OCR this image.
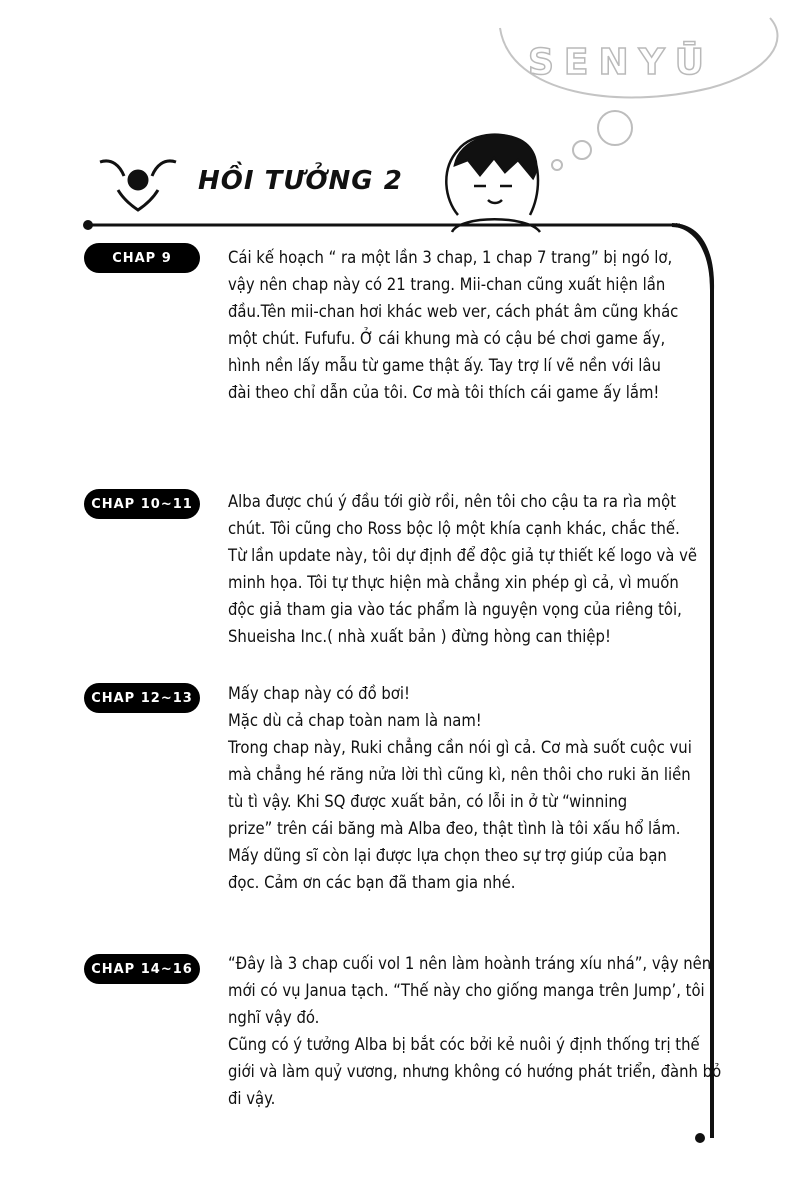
SENYŪ
HỒI TƯỞNG 2
CHAP 9	Cái kế hoạch “ ra một lần 3 chap, 1 chap 7 trang” bị ngó lơ,

vậy nên chap này có 21 trang. Mii-chan cũng xuất hiện lần

đầu.Tên mii-chan hơi khác web ver, cách phát âm cũng khác

một chút. Fufufu. Ở cái khung mà có cậu bé chơi game ấy,

hình nền lấy mẫu từ game thật ấy. Tay trợ lí vẽ nền với lâu

đài theo chỉ dẫn của tôi. Cơ mà tôi thích cái game ấy lắm!

CHAP 10~11	Alba được chú ý đầu tới giờ rồi, nên tôi cho cậu ta ra rìa một

chút. Tôi cũng cho Ross bộc lộ một khía cạnh khác, chắc thế.

Từ lần update này, tôi dự định để độc giả tự thiết kế logo và vẽ

minh họa. Tôi tự thực hiện mà chẳng xin phép gì cả, vì muốn

độc giả tham gia vào tác phẩm là nguyện vọng của riêng tôi,

Shueisha Inc.( nhà xuất bản ) đừng hòng can thiệp!

CHAP 12~13	Mấy chap này có đồ bơi!

Mặc dù cả chap toàn nam là nam!

Trong chap này, Ruki chẳng cần nói gì cả. Cơ mà suốt cuộc vui

mà chẳng hé răng nửa lời thì cũng kì, nên thôi cho ruki ăn liền

tù tì vậy. Khi SQ được xuất bản, có lỗi in ở từ “winning

prize” trên cái băng mà Alba đeo, thật tình là tôi xấu hổ lắm.

Mấy dũng sĩ còn lại được lựa chọn theo sự trợ giúp của bạn

đọc. Cảm ơn các bạn đã tham gia nhé.

CHAP 14~16	“Đây là 3 chap cuối vol 1 nên làm hoành tráng xíu nhá”, vậy nên

mới có vụ Janua tạch. “Thế này cho giống manga trên Jump’, tôi

nghĩ vậy đó.

Cũng có ý tưởng Alba bị bắt cóc bởi kẻ nuôi ý định thống trị thế

giới và làm quỷ vương, nhưng không có hướng phát triển, đành bỏ

đi vậy.
